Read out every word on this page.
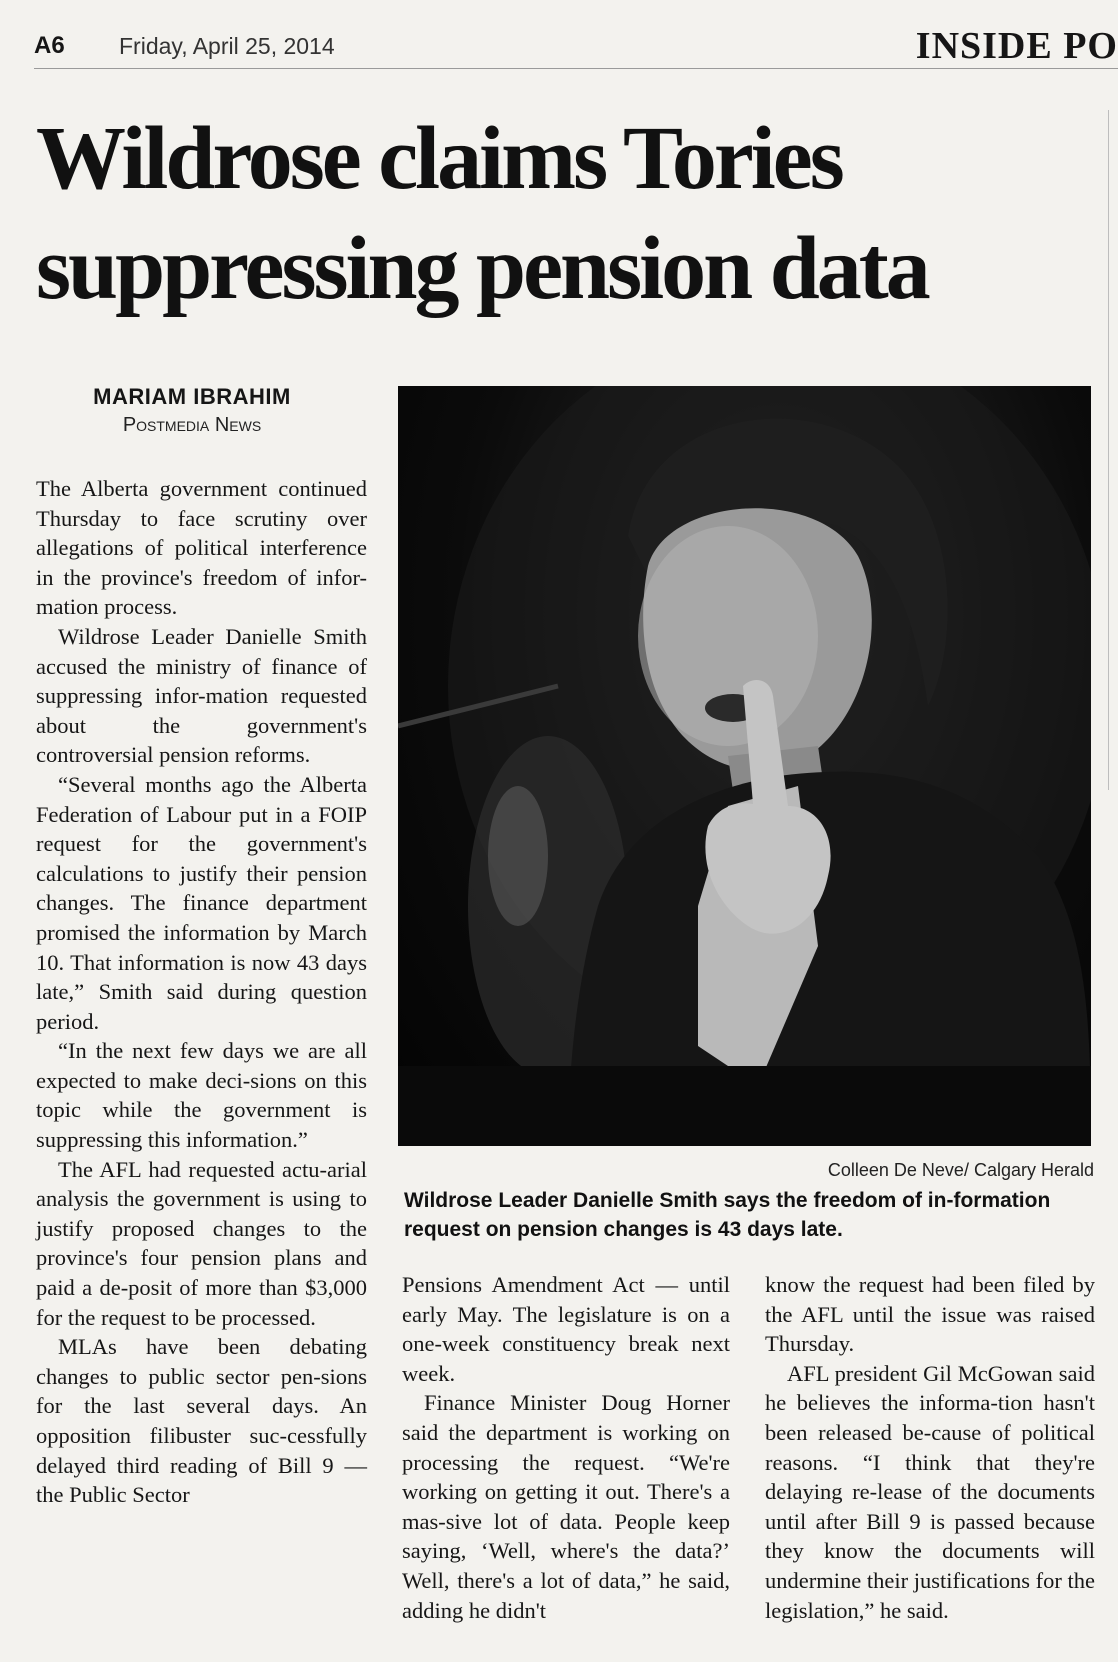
A6 Friday, April 25, 2014	INSIDE PO
Wildrose claims Tories
suppressing pension data
MARIAM IBRAHIM
Postmedia News

The Alberta government continued Thursday to face scrutiny over allegations of political interference in the province's freedom of infor-mation process.

Wildrose Leader Danielle Smith accused the ministry of finance of suppressing infor-mation requested about the government's controversial pension reforms.

“Several months ago the Alberta Federation of Labour put in a FOIP request for the government's calculations to justify their pension changes. The finance department promised the information by March 10. That information is now 43 days late,” Smith said during question period.

“In the next few days we are all expected to make deci-sions on this topic while the government is suppressing this information.”

The AFL had requested actu-arial analysis the government is using to justify proposed changes to the province's four pension plans and paid a de-posit of more than $3,000 for the request to be processed.

MLAs have been debating changes to public sector pen-sions for the last several days. An opposition filibuster suc-cessfully delayed third reading of Bill 9 — the Public Sector

Colleen De Neve/ Calgary Herald
Wildrose Leader Danielle Smith says the freedom of in-formation request on pension changes is 43 days late.

Pensions Amendment Act — until early May. The legislature is on a one-week constituency break next week.

Finance Minister Doug Horner said the department is working on processing the request. “We're working on getting it out. There's a mas-sive lot of data. People keep saying, ‘Well, where's the data?’ Well, there's a lot of data,” he said, adding he didn't

know the request had been filed by the AFL until the issue was raised Thursday.

AFL president Gil McGowan said he believes the informa-tion hasn't been released be-cause of political reasons. “I think that they're delaying re-lease of the documents until after Bill 9 is passed because they know the documents will undermine their justifications for the legislation,” he said.
